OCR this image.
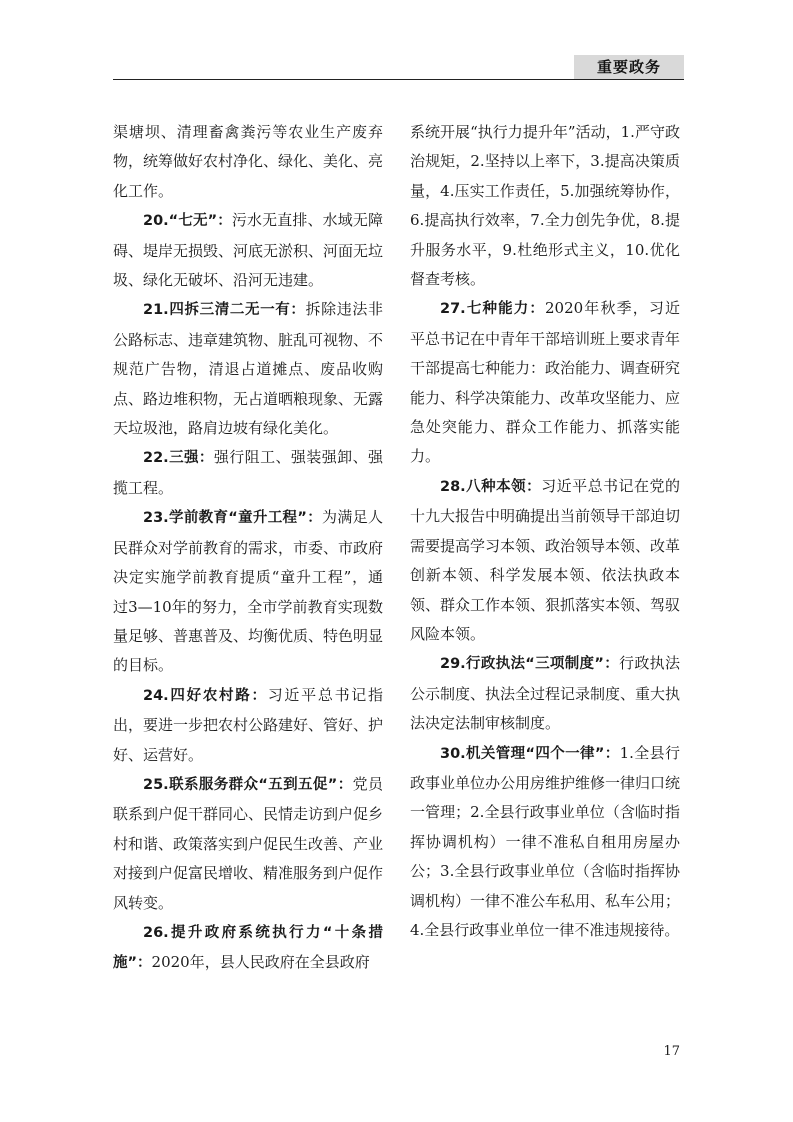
重要政务

渠塘坝、清理畜禽粪污等农业生产废弃物，统筹做好农村净化、绿化、美化、亮化工作。

20.“七无”：污水无直排、水域无障碍、堤岸无损毁、河底无淤积、河面无垃圾、绿化无破坏、沿河无违建。

21.四拆三清二无一有：拆除违法非公路标志、违章建筑物、脏乱可视物、不规范广告物，清退占道摊点、废品收购点、路边堆积物，无占道晒粮现象、无露天垃圾池，路肩边坡有绿化美化。

22.三强：强行阻工、强装强卸、强揽工程。

23.学前教育“童升工程”：为满足人民群众对学前教育的需求，市委、市政府决定实施学前教育提质“童升工程”，通过3—10年的努力，全市学前教育实现数量足够、普惠普及、均衡优质、特色明显的目标。

24.四好农村路：习近平总书记指出，要进一步把农村公路建好、管好、护好、运营好。

25.联系服务群众“五到五促”：党员联系到户促干群同心、民情走访到户促乡村和谐、政策落实到户促民生改善、产业对接到户促富民增收、精准服务到户促作风转变。

26.提升政府系统执行力“十条措施”：2020年，县人民政府在全县政府

系统开展“执行力提升年”活动，1.严守政治规矩，2.坚持以上率下，3.提高决策质量，4.压实工作责任，5.加强统筹协作，6.提高执行效率，7.全力创先争优，8.提升服务水平，9.杜绝形式主义，10.优化督查考核。

27.七种能力：2020年秋季，习近平总书记在中青年干部培训班上要求青年干部提高七种能力：政治能力、调查研究能力、科学决策能力、改革攻坚能力、应急处突能力、群众工作能力、抓落实能力。

28.八种本领：习近平总书记在党的十九大报告中明确提出当前领导干部迫切需要提高学习本领、政治领导本领、改革创新本领、科学发展本领、依法执政本领、群众工作本领、狠抓落实本领、驾驭风险本领。

29.行政执法“三项制度”：行政执法公示制度、执法全过程记录制度、重大执法决定法制审核制度。

30.机关管理“四个一律”：1.全县行政事业单位办公用房维护维修一律归口统一管理；2.全县行政事业单位（含临时指挥协调机构）一律不准私自租用房屋办公；3.全县行政事业单位（含临时指挥协调机构）一律不准公车私用、私车公用；4.全县行政事业单位一律不准违规接待。

17
